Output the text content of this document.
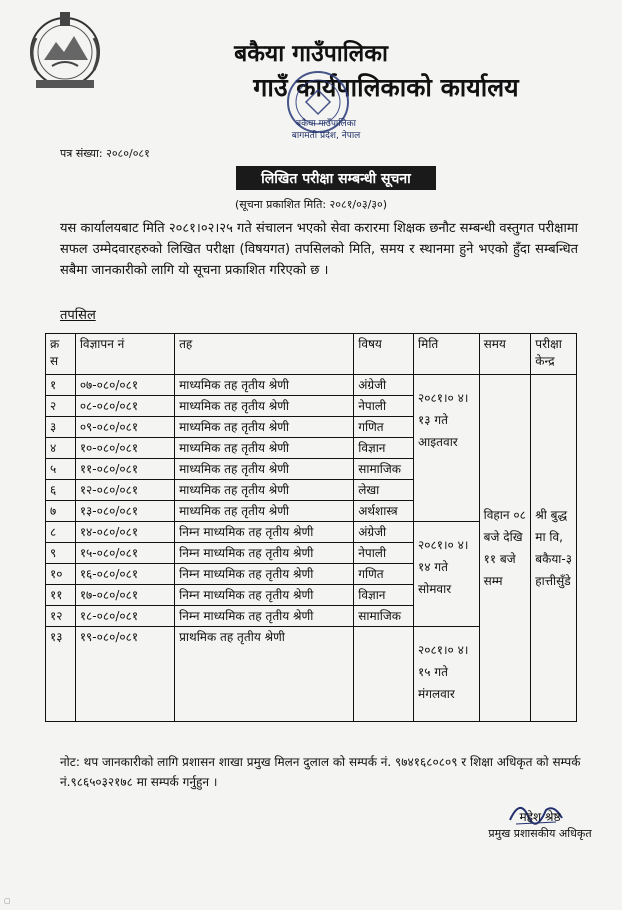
बकैया गाउँपालिका
गाउँ कार्यपालिकाको कार्यालय
बकैया गाउँपालिका
बागमती प्रदेश, नेपाल
पत्र संख्या: २०८०/०८१
लिखित परीक्षा सम्बन्धी सूचना
(सूचना प्रकाशित मिति: २०८१/०३/३०)
यस कार्यालयबाट मिति २०८१।०२।२५ गते संचालन भएको सेवा करारमा शिक्षक छनौट सम्बन्धी वस्तुगत परीक्षामा सफल उम्मेदवारहरुको लिखित परीक्षा (विषयगत) तपसिलको मिति, समय र स्थानमा हुने भएको हुँदा सम्बन्धित सबैमा जानकारीको लागि यो सूचना प्रकाशित गरिएको छ ।
तपसिल
क्र स	विज्ञापन नं	तह	विषय	मिति	समय	परीक्षा केन्द्र
१	०७-०८०/०८१	माध्यमिक तह तृतीय श्रेणी	अंग्रेजी	२०८१।० ४।१३ गते आइतवार	विहान ०८ बजे देखि ११ बजे सम्म	श्री बुद्ध मा वि, बकैया-३ हात्तीसुँडे
२	०८-०८०/०८१	माध्यमिक तह तृतीय श्रेणी	नेपाली			
३	०९-०८०/०८१	माध्यमिक तह तृतीय श्रेणी	गणित			
४	१०-०८०/०८१	माध्यमिक तह तृतीय श्रेणी	विज्ञान			
५	११-०८०/०८१	माध्यमिक तह तृतीय श्रेणी	सामाजिक			
६	१२-०८०/०८१	माध्यमिक तह तृतीय श्रेणी	लेखा			
७	१३-०८०/०८१	माध्यमिक तह तृतीय श्रेणी	अर्थशास्त्र			
८	१४-०८०/०८१	निम्न माध्यमिक तह तृतीय श्रेणी	अंग्रेजी	२०८१।० ४।१४ गते सोमवार		
९	१५-०८०/०८१	निम्न माध्यमिक तह तृतीय श्रेणी	नेपाली			
१०	१६-०८०/०८१	निम्न माध्यमिक तह तृतीय श्रेणी	गणित			
११	१७-०८०/०८१	निम्न माध्यमिक तह तृतीय श्रेणी	विज्ञान			
१२	१८-०८०/०८१	निम्न माध्यमिक तह तृतीय श्रेणी	सामाजिक			
१३	१९-०८०/०८१	प्राथमिक तह तृतीय श्रेणी		२०८१।० ४।१५ गते मंगलवार		
नोट: थप जानकारीको लागि प्रशासन शाखा प्रमुख मिलन दुलाल को सम्पर्क नं. ९७४१६८०८०९ र शिक्षा अधिकृत को सम्पर्क नं.९८६५०३२१७८ मा सम्पर्क गर्नुहुन ।
महेश श्रेष्ठ
प्रमुख प्रशासकीय अधिकृत
▢
